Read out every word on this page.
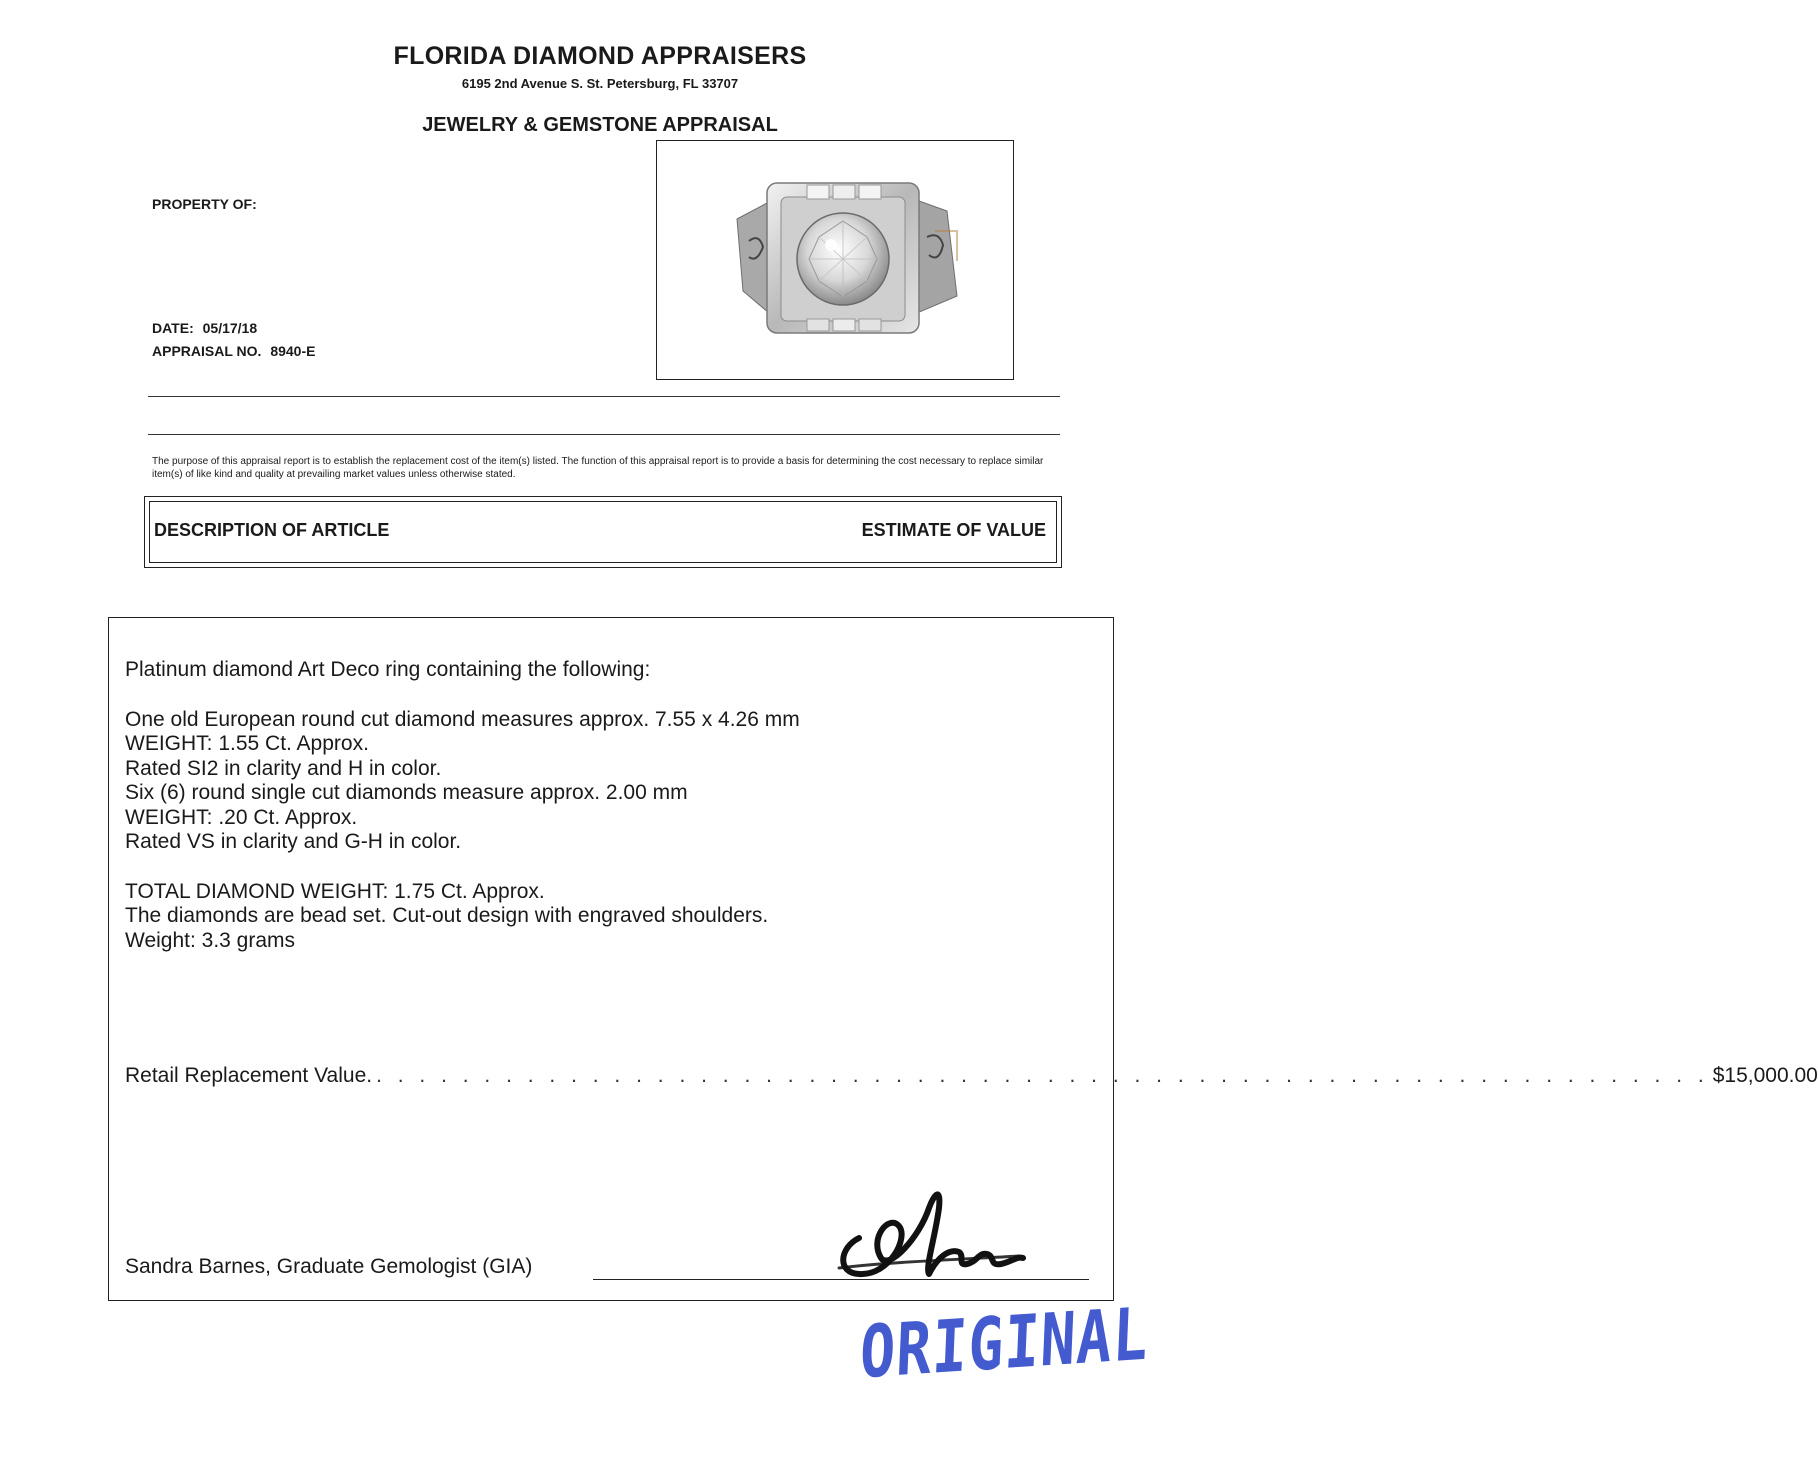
FLORIDA DIAMOND APPRAISERS
6195 2nd Avenue S. St. Petersburg, FL 33707
JEWELRY & GEMSTONE APPRAISAL
PROPERTY OF:
DATE: 05/17/18
APPRAISAL NO. 8940-E
The purpose of this appraisal report is to establish the replacement cost of the item(s) listed. The function of this appraisal report is to provide a basis for determining the cost necessary to replace similar item(s) of like kind and quality at prevailing market values unless otherwise stated.
DESCRIPTION OF ARTICLE	ESTIMATE OF VALUE

Platinum diamond Art Deco ring containing the following:

One old European round cut diamond measures approx. 7.55 x 4.26 mm

WEIGHT: 1.55 Ct. Approx.

Rated SI2 in clarity and H in color.

Six (6) round single cut diamonds measure approx. 2.00 mm

WEIGHT: .20 Ct. Approx.

Rated VS in clarity and G-H in color.

TOTAL DIAMOND WEIGHT: 1.75 Ct. Approx.

The diamonds are bead set. Cut-out design with engraved shoulders.

Weight: 3.3 grams

Retail Replacement Value. . . . . . . . . . . . . . . . . . . . . . . . . . . . . . . . . . . . . . . . . . . . . . . . . . . . . . . . . . . . . . . $15,000.00
Sandra Barnes, Graduate Gemologist (GIA)
ORIGINAL
